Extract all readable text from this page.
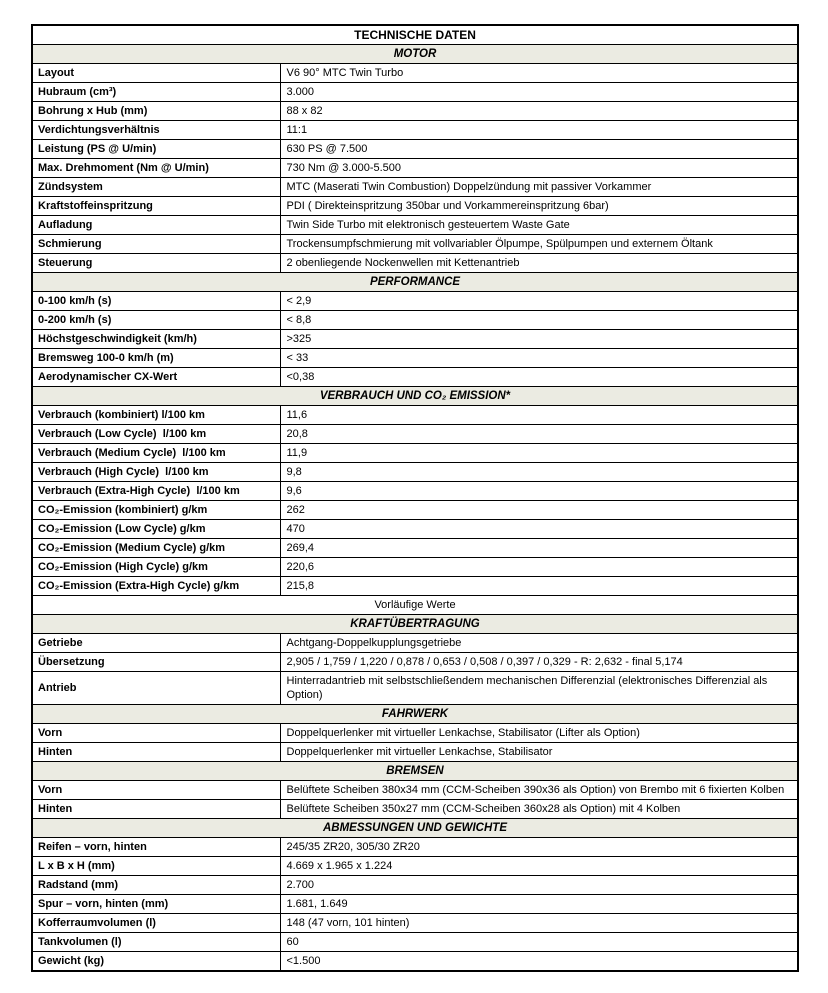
TECHNISCHE DATEN	
MOTOR	
Layout	V6 90° MTC Twin Turbo
Hubraum (cm³)	3.000
Bohrung x Hub (mm)	88 x 82
Verdichtungsverhältnis	11:1
Leistung (PS @ U/min)	630 PS @ 7.500
Max. Drehmoment (Nm @ U/min)	730 Nm @ 3.000-5.500
Zündsystem	MTC (Maserati Twin Combustion) Doppelzündung mit passiver Vorkammer
Kraftstoffeinspritzung	PDI ( Direkteinspritzung 350bar und Vorkammereinspritzung 6bar)
Aufladung	Twin Side Turbo mit elektronisch gesteuertem Waste Gate
Schmierung	Trockensumpfschmierung mit vollvariabler Ölpumpe, Spülpumpen und externem Öltank
Steuerung	2 obenliegende Nockenwellen mit Kettenantrieb
PERFORMANCE	
0-100 km/h (s)	< 2,9
0-200 km/h (s)	< 8,8
Höchstgeschwindigkeit (km/h)	>325
Bremsweg 100-0 km/h (m)	< 33
Aerodynamischer CX-Wert	<0,38
VERBRAUCH UND CO₂ EMISSION*	
Verbrauch (kombiniert) l/100 km	11,6
Verbrauch (Low Cycle)  l/100 km	20,8
Verbrauch (Medium Cycle)  l/100 km	11,9
Verbrauch (High Cycle)  l/100 km	9,8
Verbrauch (Extra-High Cycle)  l/100 km	9,6
CO₂-Emission (kombiniert) g/km	262
CO₂-Emission (Low Cycle) g/km	470
CO₂-Emission (Medium Cycle) g/km	269,4
CO₂-Emission (High Cycle) g/km	220,6
CO₂-Emission (Extra-High Cycle) g/km	215,8
Vorläufige Werte	
KRAFTÜBERTRAGUNG	
Getriebe	Achtgang-Doppelkupplungsgetriebe
Übersetzung	2,905 / 1,759 / 1,220 / 0,878 / 0,653 / 0,508 / 0,397 / 0,329 - R: 2,632 - final 5,174
Antrieb	Hinterradantrieb mit selbstschließendem mechanischen Differenzial (elektronisches Differenzial als Option)
FAHRWERK	
Vorn	Doppelquerlenker mit virtueller Lenkachse, Stabilisator (Lifter als Option)
Hinten	Doppelquerlenker mit virtueller Lenkachse, Stabilisator
BREMSEN	
Vorn	Belüftete Scheiben 380x34 mm (CCM-Scheiben 390x36 als Option) von Brembo mit 6 fixierten Kolben
Hinten	Belüftete Scheiben 350x27 mm (CCM-Scheiben 360x28 als Option) mit 4 Kolben
ABMESSUNGEN UND GEWICHTE	
Reifen – vorn, hinten	245/35 ZR20, 305/30 ZR20
L x B x H (mm)	4.669 x 1.965 x 1.224
Radstand (mm)	2.700
Spur – vorn, hinten (mm)	1.681, 1.649
Kofferraumvolumen (l)	148 (47 vorn, 101 hinten)
Tankvolumen (l)	60
Gewicht (kg)	<1.500
